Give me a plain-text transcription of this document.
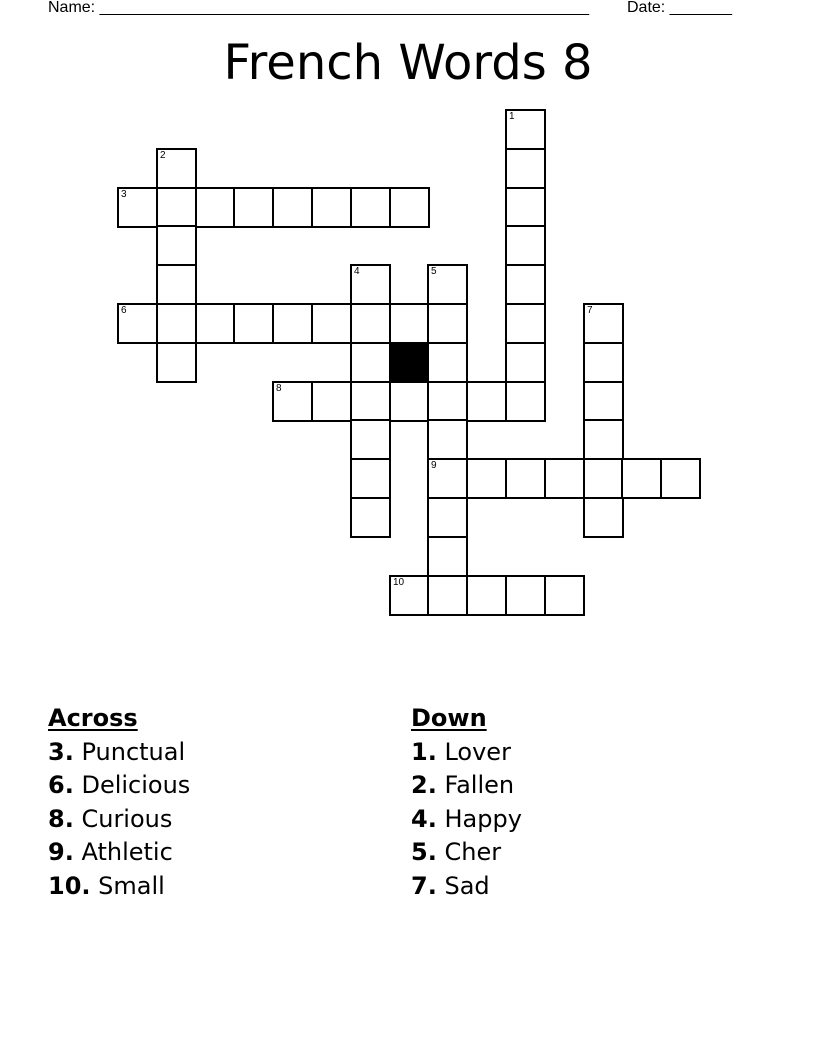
Name: _______________________________________________________ Date: _______
French Words 8
1
2
3
4	5
6	7
8
9
10
Across
3. Punctual
6. Delicious
8. Curious
9. Athletic
10. Small
Down
1. Lover
2. Fallen
4. Happy
5. Cher
7. Sad
